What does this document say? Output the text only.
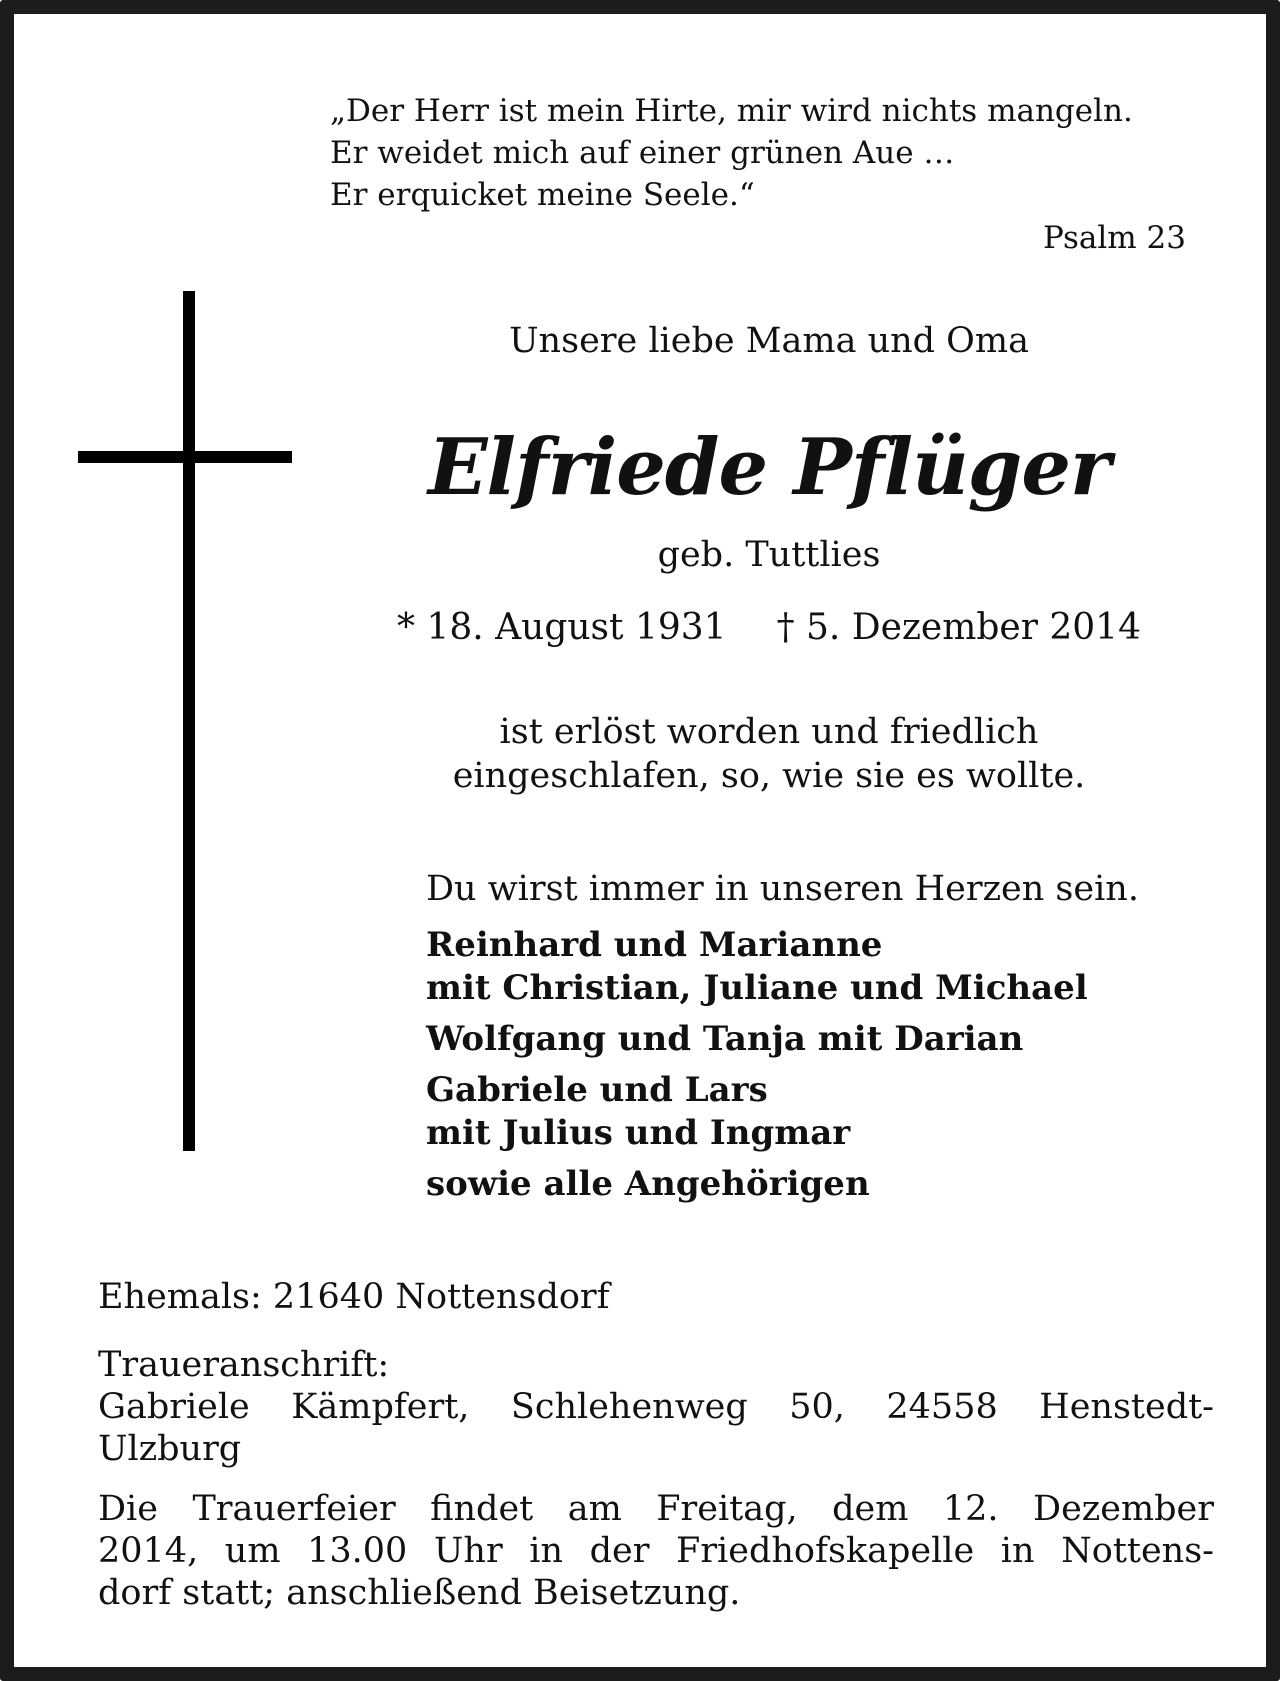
„Der Herr ist mein Hirte, mir wird nichts mangeln.
Er weidet mich auf einer grünen Aue …
Er erquicket meine Seele.“
Psalm 23
Unsere liebe Mama und Oma
Elfriede Pflüger
geb. Tuttlies
* 18. August 1931 † 5. Dezember 2014
ist erlöst worden und friedlich
eingeschlafen, so, wie sie es wollte.
Du wirst immer in unseren Herzen sein.
Reinhard und Marianne
mit Christian, Juliane und Michael
Wolfgang und Tanja mit Darian
Gabriele und Lars
mit Julius und Ingmar
sowie alle Angehörigen
Ehemals: 21640 Nottensdorf
Traueranschrift:
Gabriele Kämpfert, Schlehenweg 50, 24558 Henstedt-
Ulzburg
Die Trauerfeier findet am Freitag, dem 12. Dezember
2014, um 13.00 Uhr in der Friedhofskapelle in Nottens-
dorf statt; anschließend Beisetzung.
